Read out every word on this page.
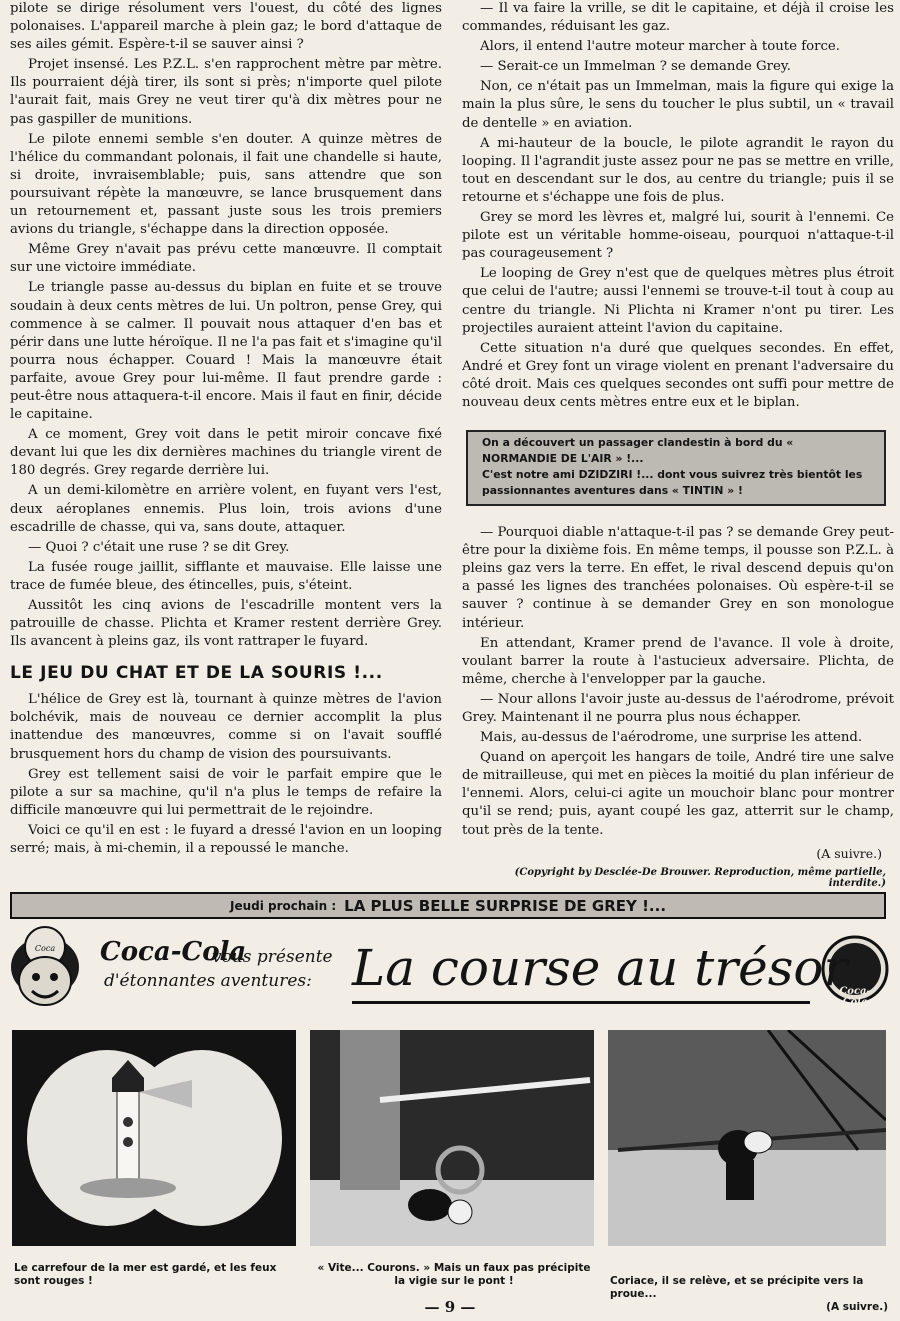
pilote se dirige résolument vers l'ouest, du côté des lignes polonaises. L'appareil marche à plein gaz; le bord d'attaque de ses ailes gémit. Espère-t-il se sauver ainsi ?

Projet insensé. Les P.Z.L. s'en rapprochent mètre par mètre. Ils pourraient déjà tirer, ils sont si près; n'importe quel pilote l'aurait fait, mais Grey ne veut tirer qu'à dix mètres pour ne pas gaspiller de munitions.

Le pilote ennemi semble s'en douter. A quinze mètres de l'hélice du commandant polonais, il fait une chandelle si haute, si droite, invraisemblable; puis, sans attendre que son poursuivant répète la manœuvre, se lance brusquement dans un retournement et, passant juste sous les trois premiers avions du triangle, s'échappe dans la direction opposée.

Même Grey n'avait pas prévu cette manœuvre. Il comptait sur une victoire immédiate.

Le triangle passe au-dessus du biplan en fuite et se trouve soudain à deux cents mètres de lui. Un poltron, pense Grey, qui commence à se calmer. Il pouvait nous attaquer d'en bas et périr dans une lutte héroïque. Il ne l'a pas fait et s'imagine qu'il pourra nous échapper. Couard ! Mais la manœuvre était parfaite, avoue Grey pour lui-même. Il faut prendre garde : peut-être nous attaquera-t-il encore. Mais il faut en finir, décide le capitaine.

A ce moment, Grey voit dans le petit miroir concave fixé devant lui que les dix dernières machines du triangle virent de 180 degrés. Grey regarde derrière lui.

A un demi-kilomètre en arrière volent, en fuyant vers l'est, deux aéroplanes ennemis. Plus loin, trois avions d'une escadrille de chasse, qui va, sans doute, attaquer.

— Quoi ? c'était une ruse ? se dit Grey.

La fusée rouge jaillit, sifflante et mauvaise. Elle laisse une trace de fumée bleue, des étincelles, puis, s'éteint.

Aussitôt les cinq avions de l'escadrille montent vers la patrouille de chasse. Plichta et Kramer restent derrière Grey. Ils avancent à pleins gaz, ils vont rattraper le fuyard.

LE JEU DU CHAT ET DE LA SOURIS !...

L'hélice de Grey est là, tournant à quinze mètres de l'avion bolchévik, mais de nouveau ce dernier accomplit la plus inattendue des manœuvres, comme si on l'avait soufflé brusquement hors du champ de vision des poursuivants.

Grey est tellement saisi de voir le parfait empire que le pilote a sur sa machine, qu'il n'a plus le temps de refaire la difficile manœuvre qui lui permettrait de le rejoindre.

Voici ce qu'il en est : le fuyard a dressé l'avion en un looping serré; mais, à mi-chemin, il a repoussé le manche.

— Il va faire la vrille, se dit le capitaine, et déjà il croise les commandes, réduisant les gaz.

Alors, il entend l'autre moteur marcher à toute force.

— Serait-ce un Immelman ? se demande Grey.

Non, ce n'était pas un Immelman, mais la figure qui exige la main la plus sûre, le sens du toucher le plus subtil, un « travail de dentelle » en aviation.

A mi-hauteur de la boucle, le pilote agrandit le rayon du looping. Il l'agrandit juste assez pour ne pas se mettre en vrille, tout en descendant sur le dos, au centre du triangle; puis il se retourne et s'échappe une fois de plus.

Grey se mord les lèvres et, malgré lui, sourit à l'ennemi. Ce pilote est un véritable homme-oiseau, pourquoi n'attaque-t-il pas courageusement ?

Le looping de Grey n'est que de quelques mètres plus étroit que celui de l'autre; aussi l'ennemi se trouve-t-il tout à coup au centre du triangle. Ni Plichta ni Kramer n'ont pu tirer. Les projectiles auraient atteint l'avion du capitaine.

Cette situation n'a duré que quelques secondes. En effet, André et Grey font un virage violent en prenant l'adversaire du côté droit. Mais ces quelques secondes ont suffi pour mettre de nouveau deux cents mètres entre eux et le biplan.

On a découvert un passager clandestin à bord du « NORMANDIE DE L'AIR » !...
C'est notre ami DZIDZIRI !... dont vous suivrez très bientôt les passionnantes aventures dans « TINTIN » !

— Pourquoi diable n'attaque-t-il pas ? se demande Grey peut-être pour la dixième fois. En même temps, il pousse son P.Z.L. à pleins gaz vers la terre. En effet, le rival descend depuis qu'on a passé les lignes des tranchées polonaises. Où espère-t-il se sauver ? continue à se demander Grey en son monologue intérieur.

En attendant, Kramer prend de l'avance. Il vole à droite, voulant barrer la route à l'astucieux adversaire. Plichta, de même, cherche à l'envelopper par la gauche.

— Nour allons l'avoir juste au-dessus de l'aérodrome, prévoit Grey. Maintenant il ne pourra plus nous échapper.

Mais, au-dessus de l'aérodrome, une surprise les attend.

Quand on aperçoit les hangars de toile, André tire une salve de mitrailleuse, qui met en pièces la moitié du plan inférieur de l'ennemi. Alors, celui-ci agite un mouchoir blanc pour montrer qu'il se rend; puis, ayant coupé les gaz, atterrit sur le champ, tout près de la tente.

(A suivre.)
(Copyright by Desclée-De Brouwer. Reproduction, même partielle, interdite.)
Jeudi prochain : LA PLUS BELLE SURPRISE DE GREY !...
Coca Coca-Cola
vous présente
d'étonnantes aventures: La course au trésor
Coca-Cola
Le carrefour de la mer est gardé, et les feux sont rouges !
« Vite... Courons. » Mais un faux pas précipite la vigie sur le pont !	Coriace, il se relève, et se précipite vers la proue...

(A suivre.)

— 9 —
